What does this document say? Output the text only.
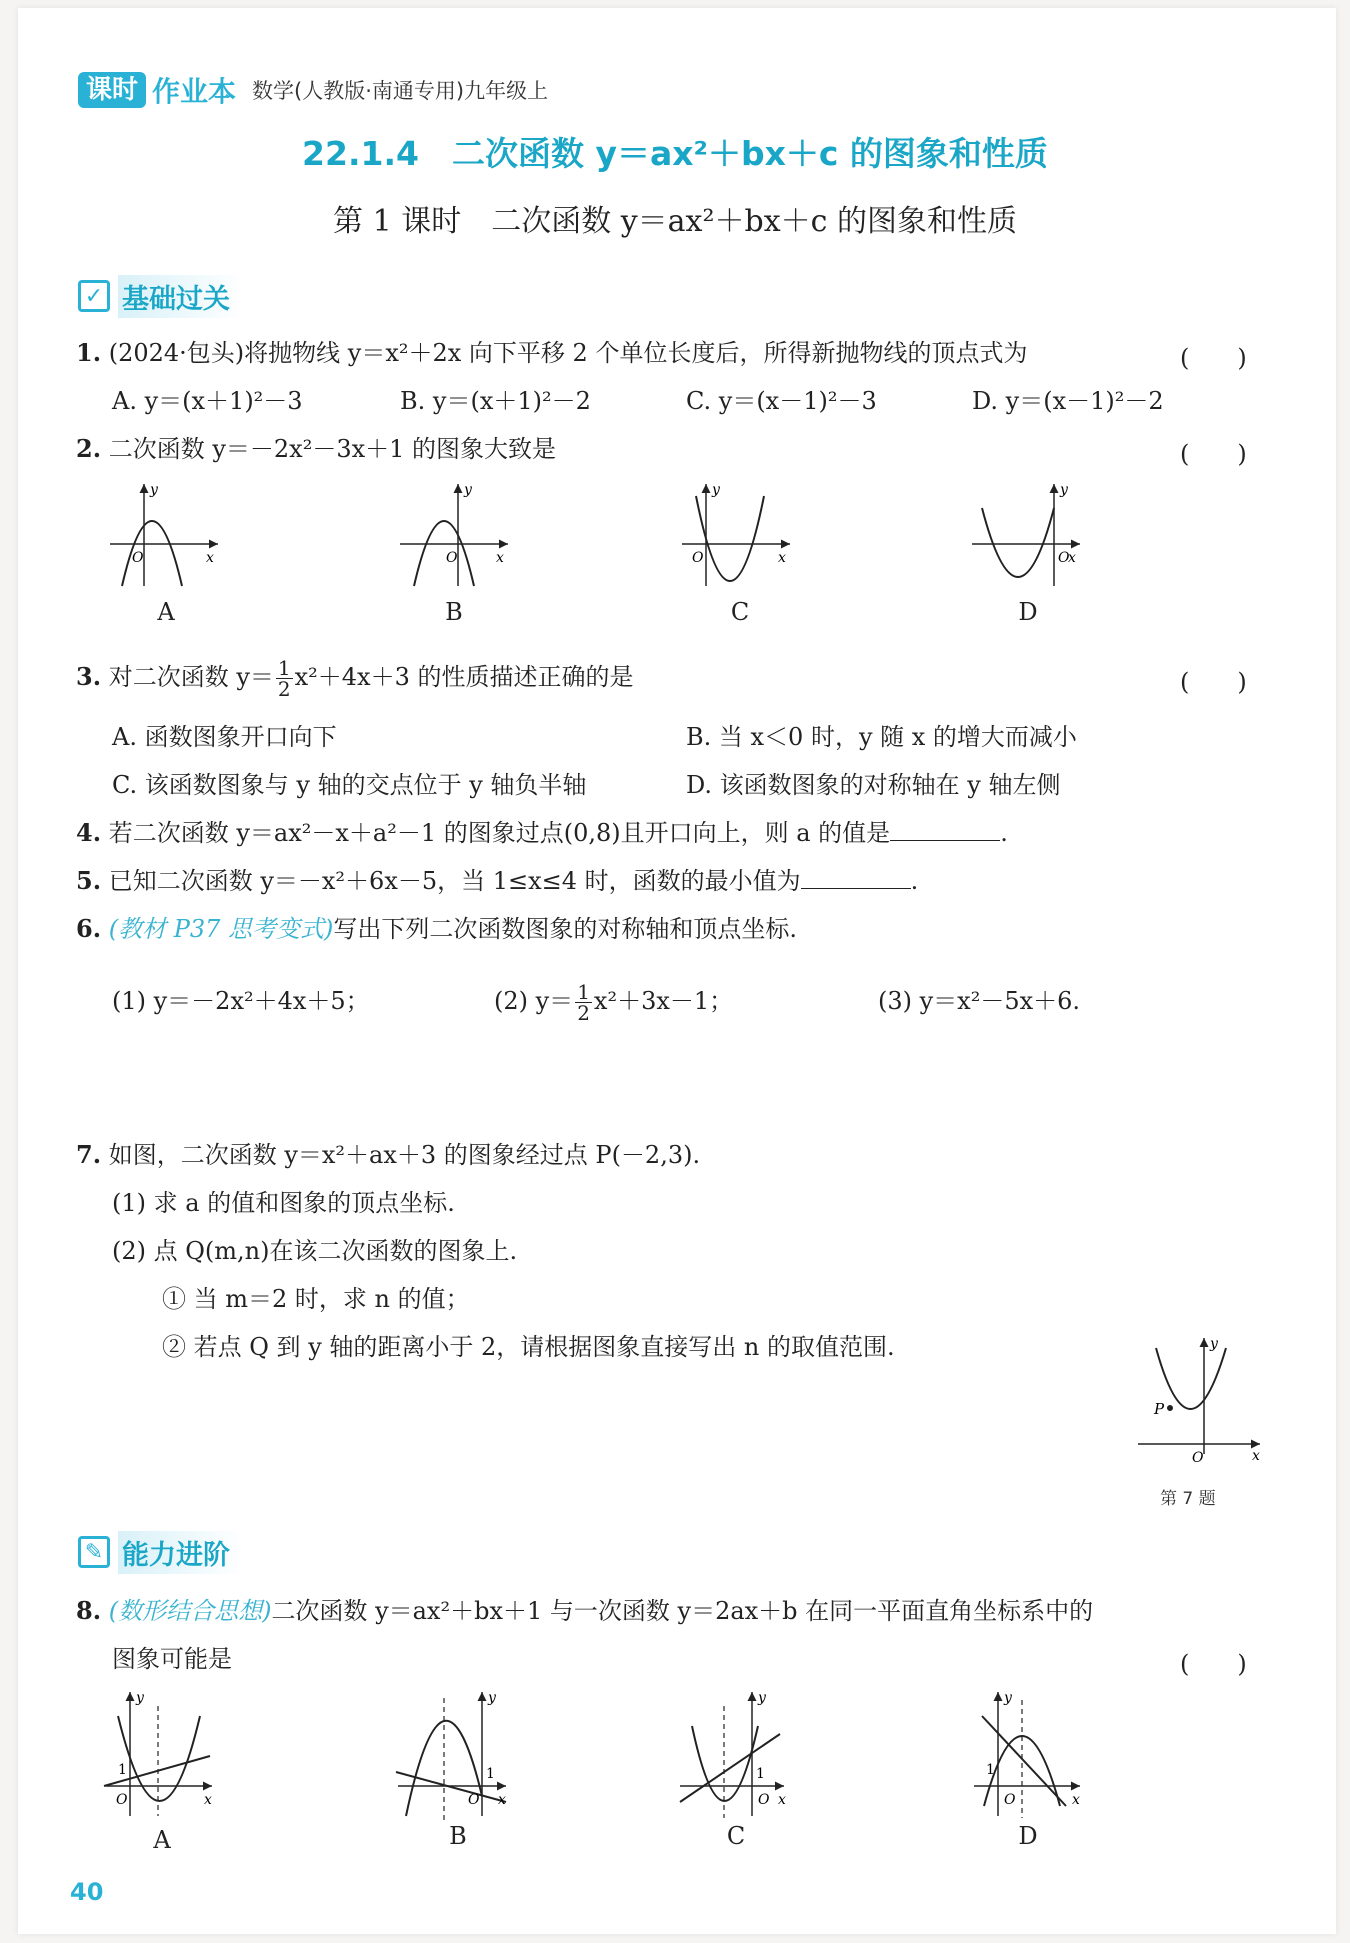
课时 作业本 数学(人教版·南通专用)九年级上
22.1.4　二次函数 y＝ax²＋bx＋c 的图象和性质
第 1 课时　二次函数 y＝ax²＋bx＋c 的图象和性质
✓ 基础过关
1. (2024·包头)将抛物线 y＝x²＋2x 向下平移 2 个单位长度后，所得新抛物线的顶点式为	(　　)
A. y＝(x＋1)²－3	B. y＝(x＋1)²－2	C. y＝(x－1)²－3	D. y＝(x－1)²－2
2. 二次函数 y＝－2x²－3x＋1 的图象大致是	(　　)
y
x
O
y
x
O
y
x
O
y
x
O
A	B	C	D
3. 对二次函数 $y= \frac{1}{2} x^2+4x+3$ 的性质描述正确的是	(　　)
A. 函数图象开口向下	B. 当 x＜0 时，y 随 x 的增大而减小
C. 该函数图象与 y 轴的交点位于 y 轴负半轴	D. 该函数图象的对称轴在 y 轴左侧
4. 若二次函数 y＝ax²－x＋a²－1 的图象过点(0,8)且开口向上，则 a 的值是	.
5. 已知二次函数 y＝－x²＋6x－5，当 1≤x≤4 时，函数的最小值为	.
6. (教材 P37 思考变式)写出下列二次函数图象的对称轴和顶点坐标.
(1) y＝－2x²＋4x＋5；	(2) $y= \frac{1}{2} x^2+3x-1$；	(3) y＝x²－5x＋6.
7. 如图，二次函数 y＝x²＋ax＋3 的图象经过点 P(－2,3).
(1) 求 a 的值和图象的顶点坐标.
(2) 点 Q(m,n)在该二次函数的图象上.
① 当 m＝2 时，求 n 的值；
② 若点 Q 到 y 轴的距离小于 2，请根据图象直接写出 n 的取值范围.
P
y
x
O
第 7 题
✎ 能力进阶
8. (数形结合思想)二次函数 y＝ax²＋bx＋1 与一次函数 y＝2ax＋b 在同一平面直角坐标系中的
图象可能是	(　　)
y
x
O
1
y
x
O
1
y
x
O
1
y
x
O
1
A	B	C	D
40
